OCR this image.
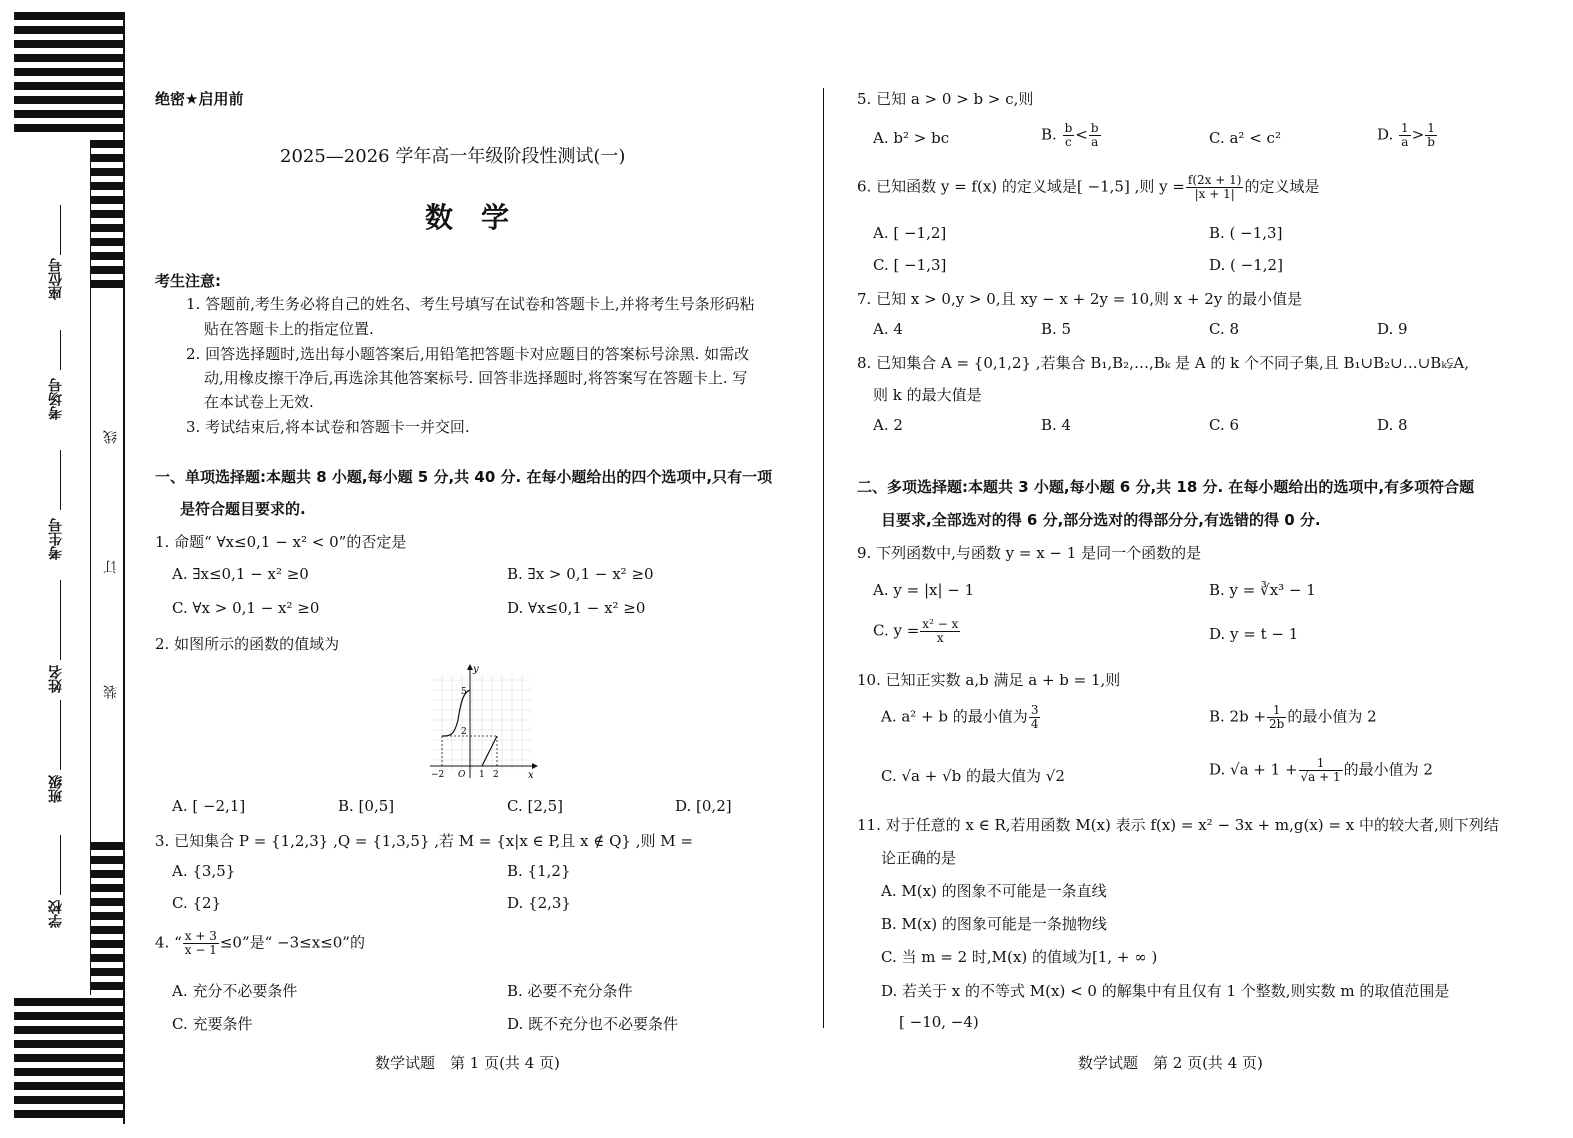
座位号
考场号
考生号
姓名
班级
学校
线
订
装
绝密★启用前
2025—2026 学年高一年级阶段性测试(一)
数　学
考生注意:
1. 答题前,考生务必将自己的姓名、考生号填写在试卷和答题卡上,并将考生号条形码粘
贴在答题卡上的指定位置.
2. 回答选择题时,选出每小题答案后,用铅笔把答题卡对应题目的答案标号涂黑. 如需改
动,用橡皮擦干净后,再选涂其他答案标号. 回答非选择题时,将答案写在答题卡上. 写
在本试卷上无效.
3. 考试结束后,将本试卷和答题卡一并交回.
一、单项选择题:本题共 8 小题,每小题 5 分,共 40 分. 在每小题给出的四个选项中,只有一项
是符合题目要求的.
1. 命题“ ∀x≤0,1 − x² < 0”的否定是
A. ∃x≤0,1 − x² ≥0	B. ∃x > 0,1 − x² ≥0
C. ∀x > 0,1 − x² ≥0	D. ∀x≤0,1 − x² ≥0
2. 如图所示的函数的值域为
y
x
5
2
−2 O 1 2
A. [ −2,1]	B. [0,5]	C. [2,5]	D. [0,2]
3. 已知集合 P = {1,2,3} ,Q = {1,3,5} ,若 M = {x|x ∈ P,且 x ∉ Q} ,则 M =
A. {3,5}	B. {1,2}
C. {2}	D. {2,3}
4. “ $\frac{x + 3}{x - 1} \le 0$”是“ −3≤x≤0”的
A. 充分不必要条件	B. 必要不充分条件
C. 充要条件	D. 既不充分也不必要条件
数学试题　第 1 页(共 4 页)
5. 已知 a > 0 > b > c,则
A. b² > bc	B. $\frac{b}{c} < \frac{b}{a}$	C. a² < c²	D. $\frac{1}{a} > \frac{1}{b}$
6. 已知函数 y = f(x) 的定义域是[ −1,5] ,则 $y = \frac{f(2x + 1)}{|x + 1|}$ 的定义域是
A. [ −1,2]	B. ( −1,3]
C. [ −1,3]	D. ( −1,2]
7. 已知 x > 0,y > 0,且 xy − x + 2y = 10,则 x + 2y 的最小值是
A. 4	B. 5	C. 8	D. 9
8. 已知集合 A = {0,1,2} ,若集合 B₁,B₂,…,Bₖ 是 A 的 k 个不同子集,且 B₁∪B₂∪…∪Bₖ⫋A,
则 k 的最大值是
A. 2	B. 4	C. 6	D. 8
二、多项选择题:本题共 3 小题,每小题 6 分,共 18 分. 在每小题给出的选项中,有多项符合题
目要求,全部选对的得 6 分,部分选对的得部分分,有选错的得 0 分.
9. 下列函数中,与函数 y = x − 1 是同一个函数的是
A. y = |x| − 1	B. y = ∛x³ − 1
C. $y = \frac{\text{x² − x}}{x}$	D. y = t − 1
10. 已知正实数 a,b 满足 a + b = 1,则
A. a² + b 的最小值为 $\frac{3}{4}$	B. $2b + \frac{1}{2b}$ 的最小值为 2
C. √a + √b 的最大值为 √2	D. $√a + 1 + \frac{1}{√a + 1}$ 的最小值为 2
11. 对于任意的 x ∈ R,若用函数 M(x) 表示 f(x) = x² − 3x + m,g(x) = x 中的较大者,则下列结
论正确的是
A. M(x) 的图象不可能是一条直线
B. M(x) 的图象可能是一条抛物线
C. 当 m = 2 时,M(x) 的值域为[1, + ∞ )
D. 若关于 x 的不等式 M(x) < 0 的解集中有且仅有 1 个整数,则实数 m 的取值范围是
[ −10, −4)
数学试题　第 2 页(共 4 页)
